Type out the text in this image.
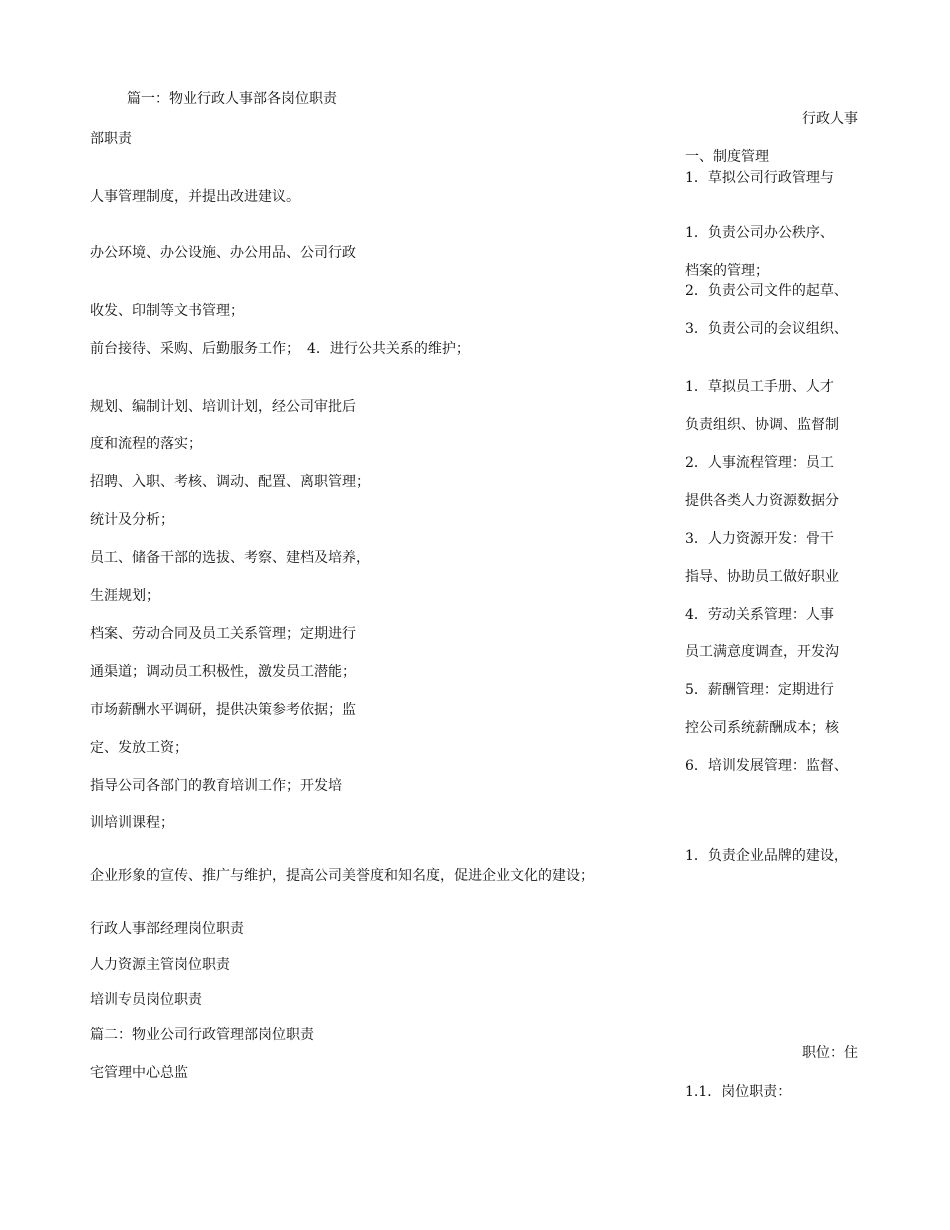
篇一：物业行政人事部各岗位职责
部职责
人事管理制度，并提出改进建议。
办公环境、办公设施、办公用品、公司行政
收发、印制等文书管理；
前台接待、采购、后勤服务工作；　4．进行公共关系的维护；
规划、编制计划、培训计划，经公司审批后
度和流程的落实；
招聘、入职、考核、调动、配置、离职管理；
统计及分析；
员工、储备干部的选拔、考察、建档及培养，
生涯规划；
档案、劳动合同及员工关系管理；定期进行
通渠道；调动员工积极性，激发员工潜能；
市场薪酬水平调研，提供决策参考依据；监
定、发放工资；
指导公司各部门的教育培训工作；开发培
训培训课程；
企业形象的宣传、推广与维护，提高公司美誉度和知名度，促进企业文化的建设；
行政人事部经理岗位职责
人力资源主管岗位职责
培训专员岗位职责
篇二：物业公司行政管理部岗位职责
宅管理中心总监
行政人事
一、制度管理
1．草拟公司行政管理与
1．负责公司办公秩序、
档案的管理；
2．负责公司文件的起草、
3．负责公司的会议组织、
1．草拟员工手册、人才
负责组织、协调、监督制
2．人事流程管理：员工
提供各类人力资源数据分
3．人力资源开发：骨干
指导、协助员工做好职业
4．劳动关系管理：人事
员工满意度调查，开发沟
5．薪酬管理：定期进行
控公司系统薪酬成本；核
6．培训发展管理：监督、
1．负责企业品牌的建设，
职位：住
1.1．岗位职责：
